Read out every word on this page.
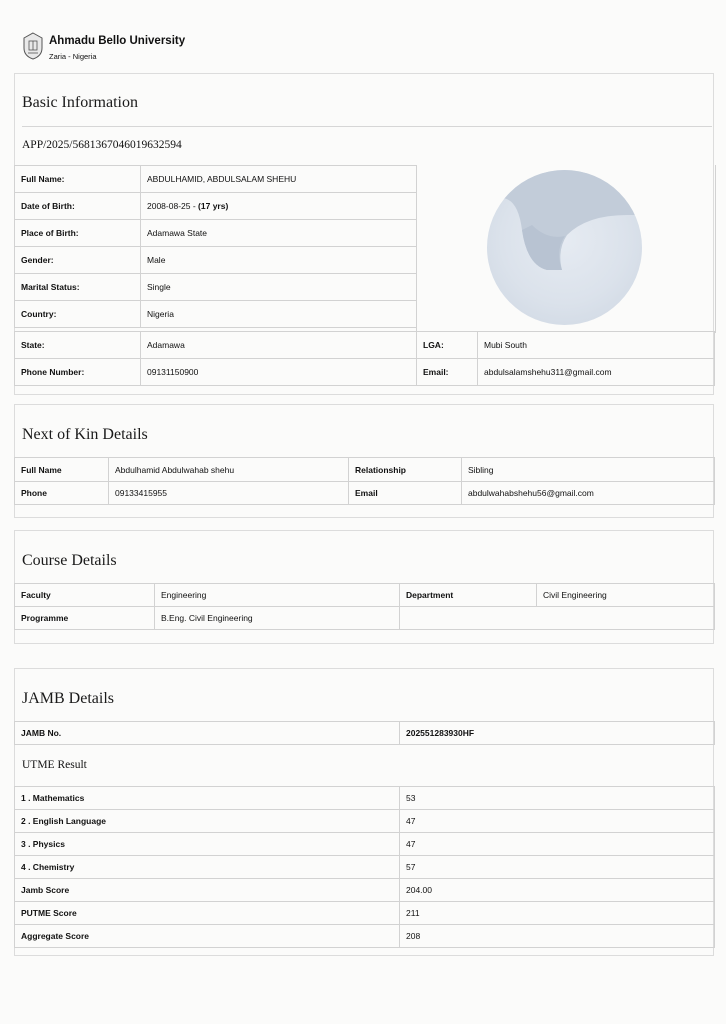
Ahmadu Bello University
Zaria - Nigeria
Basic Information
APP/2025/5681367046019632594
Full Name:	ABDULHAMID, ABDULSALAM SHEHU
Date of Birth:	2008-08-25 - (17 yrs)
Place of Birth:	Adamawa State
Gender:	Male
Marital Status:	Single
Country:	Nigeria
State:	Adamawa	LGA:	Mubi South
Phone Number:	09131150900	Email:	abdulsalamshehu311@gmail.com
Next of Kin Details
Full Name	Abdulhamid Abdulwahab shehu	Relationship	Sibling
Phone	09133415955	Email	abdulwahabshehu56@gmail.com
Course Details
Faculty	Engineering	Department	Civil Engineering
Programme	B.Eng. Civil Engineering		
JAMB Details
JAMB No.	202551283930HF
UTME Result
1 . Mathematics	53
2 . English Language	47
3 . Physics	47
4 . Chemistry	57
Jamb Score	204.00
PUTME Score	211
Aggregate Score	208
